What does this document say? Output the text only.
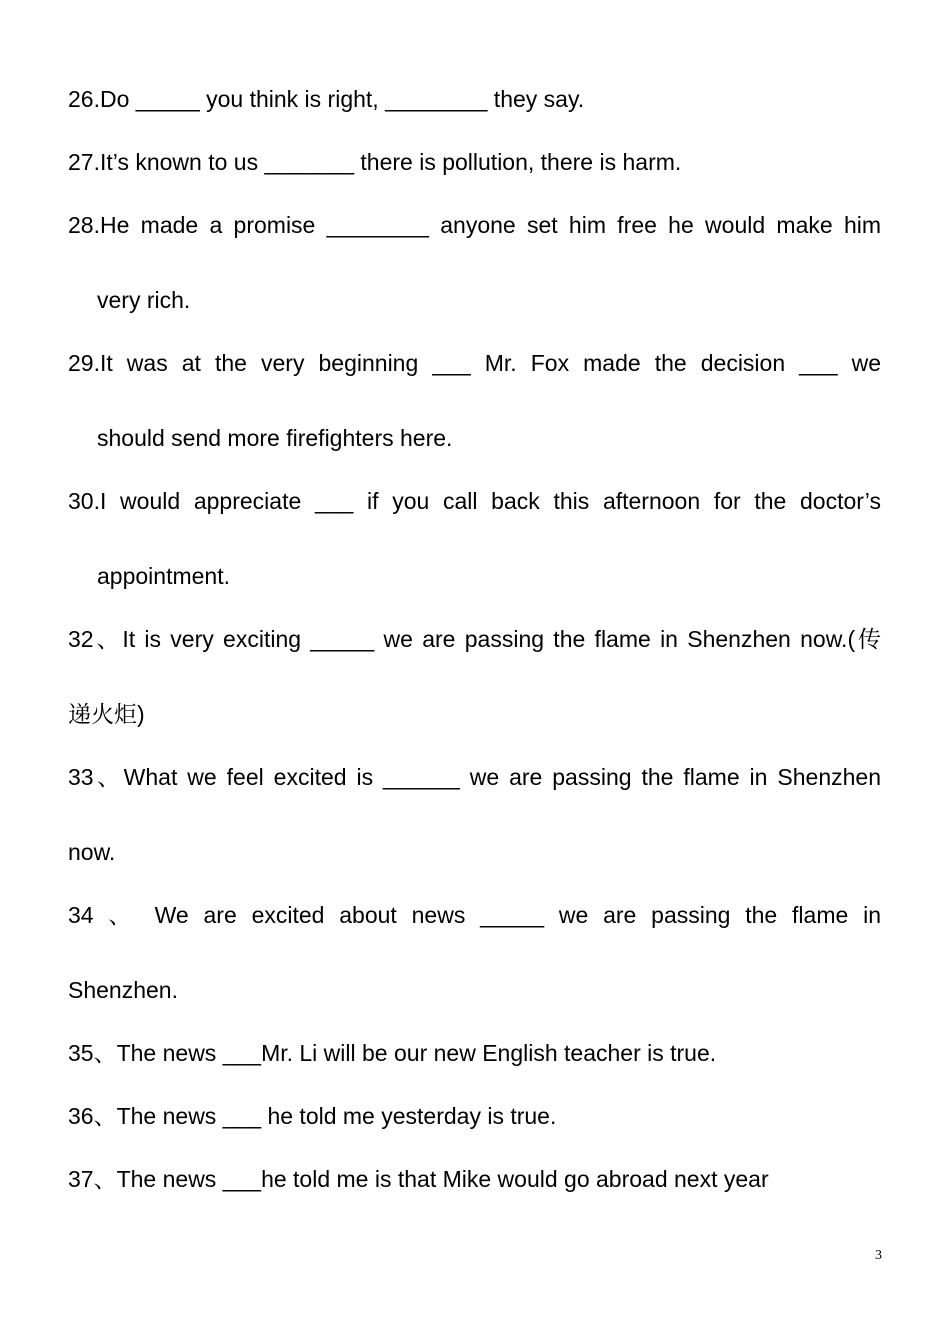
26.Do _____ you think is right, ________ they say.
27.It’s known to us _______ there is pollution, there is harm.
28.He made a promise ________ anyone set him free he would make him
very rich.
29.It was at the very beginning ___ Mr. Fox made the decision ___ we
should send more firefighters here.
30.I would appreciate ___ if you call back this afternoon for the doctor’s
appointment.
32、It is very exciting _____ we are passing the flame in Shenzhen now.(传
递火炬)
33、What we feel excited is ______ we are passing the flame in Shenzhen
now.
34 、 We are excited about news _____ we are passing the flame in
Shenzhen.
35、The news ___Mr. Li will be our new English teacher is true.
36、The news ___ he told me yesterday is true.
37、The news ___he told me is that Mike would go abroad next year
3
